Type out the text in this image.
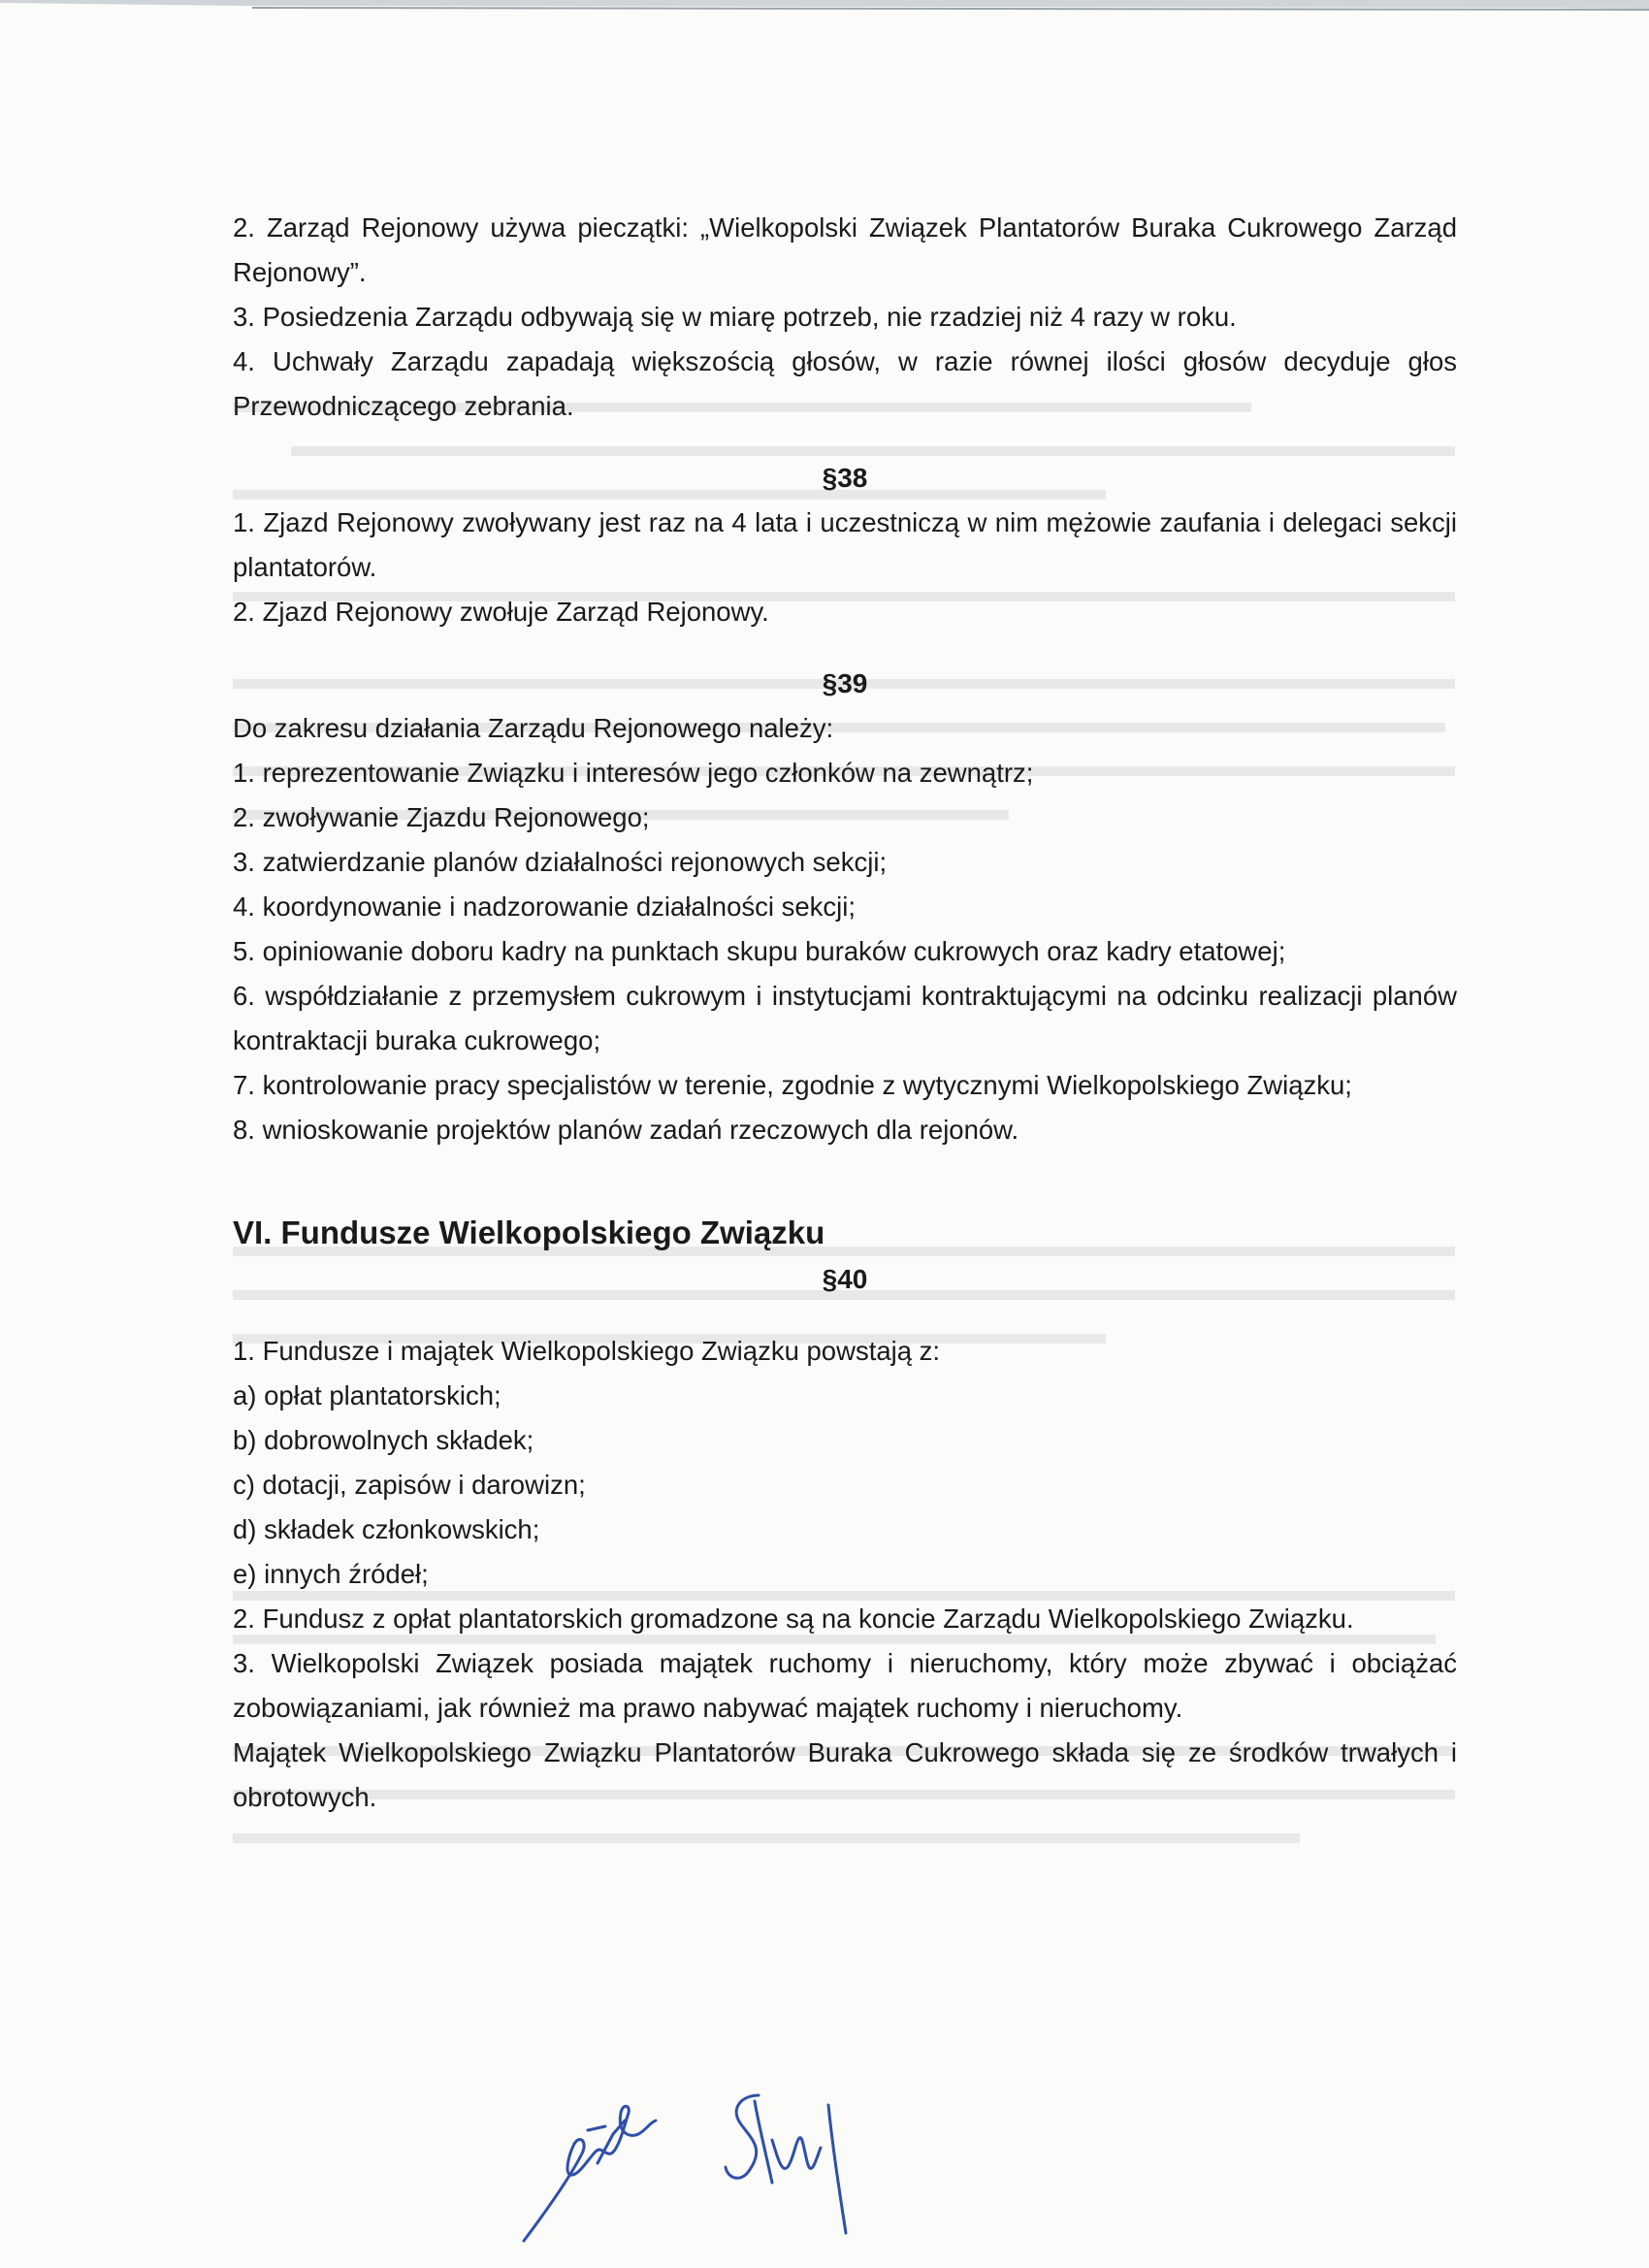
2. Zarząd Rejonowy używa pieczątki: „Wielkopolski Związek Plantatorów Buraka Cukrowego Zarząd Rejonowy”.

3. Posiedzenia Zarządu odbywają się w miarę potrzeb, nie rzadziej niż 4 razy w roku.

4. Uchwały Zarządu zapadają większością głosów, w razie równej ilości głosów decyduje głos Przewodniczącego zebrania.

§38

1. Zjazd Rejonowy zwoływany jest raz na 4 lata i uczestniczą w nim mężowie zaufania i delegaci sekcji plantatorów.

2. Zjazd Rejonowy zwołuje Zarząd Rejonowy.

§39

Do zakresu działania Zarządu Rejonowego należy:

1. reprezentowanie Związku i interesów jego członków na zewnątrz;

2. zwoływanie Zjazdu Rejonowego;

3. zatwierdzanie planów działalności rejonowych sekcji;

4. koordynowanie i nadzorowanie działalności sekcji;

5. opiniowanie doboru kadry na punktach skupu buraków cukrowych oraz kadry etatowej;

6. współdziałanie z przemysłem cukrowym i instytucjami kontraktującymi na odcinku realizacji planów kontraktacji buraka cukrowego;

7. kontrolowanie pracy specjalistów w terenie, zgodnie z wytycznymi Wielkopolskiego Związku;

8. wnioskowanie projektów planów zadań rzeczowych dla rejonów.

VI. Fundusze Wielkopolskiego Związku

§40

1. Fundusze i majątek Wielkopolskiego Związku powstają z:

a) opłat plantatorskich;

b) dobrowolnych składek;

c) dotacji, zapisów i darowizn;

d) składek członkowskich;

e) innych źródeł;

2. Fundusz z opłat plantatorskich gromadzone są na koncie Zarządu Wielkopolskiego Związku.

3. Wielkopolski Związek posiada majątek ruchomy i nieruchomy, który może zbywać i obciążać zobowiązaniami, jak również ma prawo nabywać majątek ruchomy i nieruchomy.

Majątek Wielkopolskiego Związku Plantatorów Buraka Cukrowego składa się ze środków trwałych i obrotowych.
